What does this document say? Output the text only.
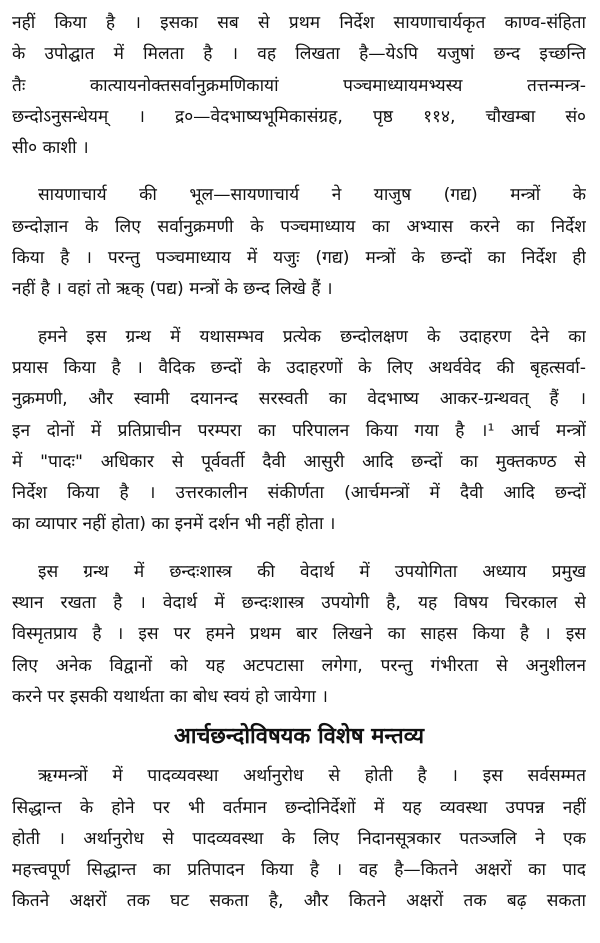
नहीं किया है । इसका सब से प्रथम निर्देश सायणाचार्यकृत काण्व-संहिता
के उपोद्घात में मिलता है । वह लिखता है—येऽपि यजुषां छन्द इच्छन्ति
तैः कात्यायनोक्तसर्वानुक्रमणिकायां पञ्चमाध्यायमभ्यस्य तत्तन्मन्त्र-
छन्दोऽनुसन्धेयम् । द्र०—वेदभाष्यभूमिकासंग्रह, पृष्ठ ११४, चौखम्बा सं०
सी० काशी ।
सायणाचार्य की भूल—सायणाचार्य ने याजुष (गद्य) मन्त्रों के
छन्दोज्ञान के लिए सर्वानुक्रमणी के पञ्चमाध्याय का अभ्यास करने का निर्देश
किया है । परन्तु पञ्चमाध्याय में यजुः (गद्य) मन्त्रों के छन्दों का निर्देश ही
नहीं है । वहां तो ऋक् (पद्य) मन्त्रों के छन्द लिखे हैं ।
हमने इस ग्रन्थ में यथासम्भव प्रत्येक छन्दोलक्षण के उदाहरण देने का
प्रयास किया है । वैदिक छन्दों के उदाहरणों के लिए अथर्ववेद की बृहत्सर्वा-
नुक्रमणी, और स्वामी दयानन्द सरस्वती का वेदभाष्य आकर-ग्रन्थवत् हैं ।
इन दोनों में प्रतिप्राचीन परम्परा का परिपालन किया गया है ।¹ आर्च मन्त्रों
में "पादः" अधिकार से पूर्ववर्ती दैवी आसुरी आदि छन्दों का मुक्तकण्ठ से
निर्देश किया है । उत्तरकालीन संकीर्णता (आर्चमन्त्रों में दैवी आदि छन्दों
का व्यापार नहीं होता) का इनमें दर्शन भी नहीं होता ।
इस ग्रन्थ में छन्दःशास्त्र की वेदार्थ में उपयोगिता अध्याय प्रमुख
स्थान रखता है । वेदार्थ में छन्दःशास्त्र उपयोगी है, यह विषय चिरकाल से
विस्मृतप्राय है । इस पर हमने प्रथम बार लिखने का साहस किया है । इस
लिए अनेक विद्वानों को यह अटपटासा लगेगा, परन्तु गंभीरता से अनुशीलन
करने पर इसकी यथार्थता का बोध स्वयं हो जायेगा ।
आर्चछन्दोविषयक विशेष मन्तव्य
ऋग्मन्त्रों में पादव्यवस्था अर्थानुरोध से होती है । इस सर्वसम्मत
सिद्धान्त के होने पर भी वर्तमान छन्दोनिर्देशों में यह व्यवस्था उपपन्न नहीं
होती । अर्थानुरोध से पादव्यवस्था के लिए निदानसूत्रकार पतञ्जलि ने एक
महत्त्वपूर्ण सिद्धान्त का प्रतिपादन किया है । वह है—कितने अक्षरों का पाद
कितने अक्षरों तक घट सकता है, और कितने अक्षरों तक बढ़ सकता
